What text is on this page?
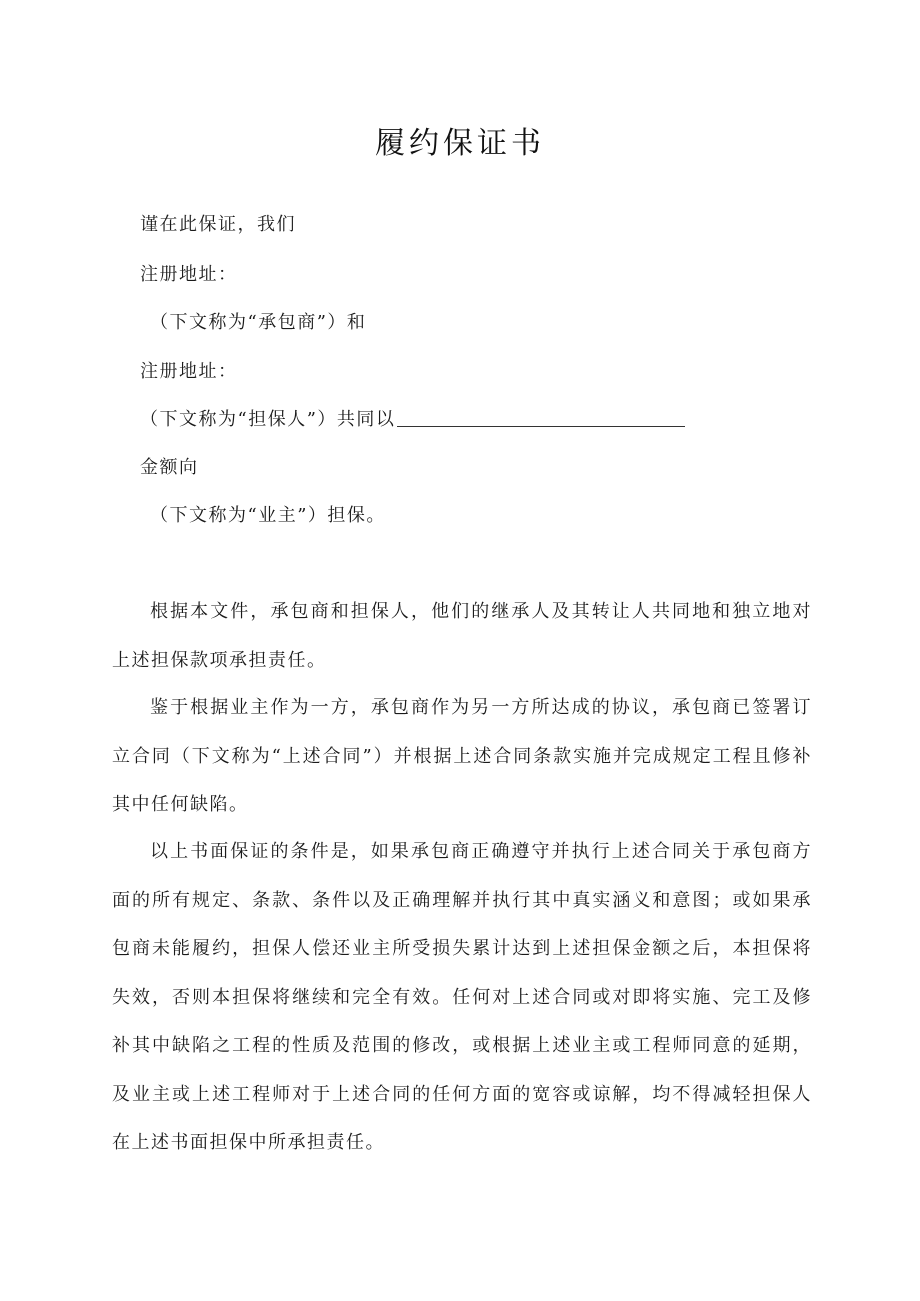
履约保证书
谨在此保证，我们
注册地址：
（下文称为“承包商”）和
注册地址：
（下文称为“担保人”）共同以
金额向
（下文称为“业主”）担保。

根据本文件，承包商和担保人，他们的继承人及其转让人共同地和独立地对上述担保款项承担责任。

鉴于根据业主作为一方，承包商作为另一方所达成的协议，承包商已签署订立合同（下文称为“上述合同”）并根据上述合同条款实施并完成规定工程且修补其中任何缺陷。

以上书面保证的条件是，如果承包商正确遵守并执行上述合同关于承包商方面的所有规定、条款、条件以及正确理解并执行其中真实涵义和意图；或如果承包商未能履约，担保人偿还业主所受损失累计达到上述担保金额之后，本担保将失效，否则本担保将继续和完全有效。任何对上述合同或对即将实施、完工及修补其中缺陷之工程的性质及范围的修改，或根据上述业主或工程师同意的延期，及业主或上述工程师对于上述合同的任何方面的宽容或谅解，均不得减轻担保人在上述书面担保中所承担责任。
